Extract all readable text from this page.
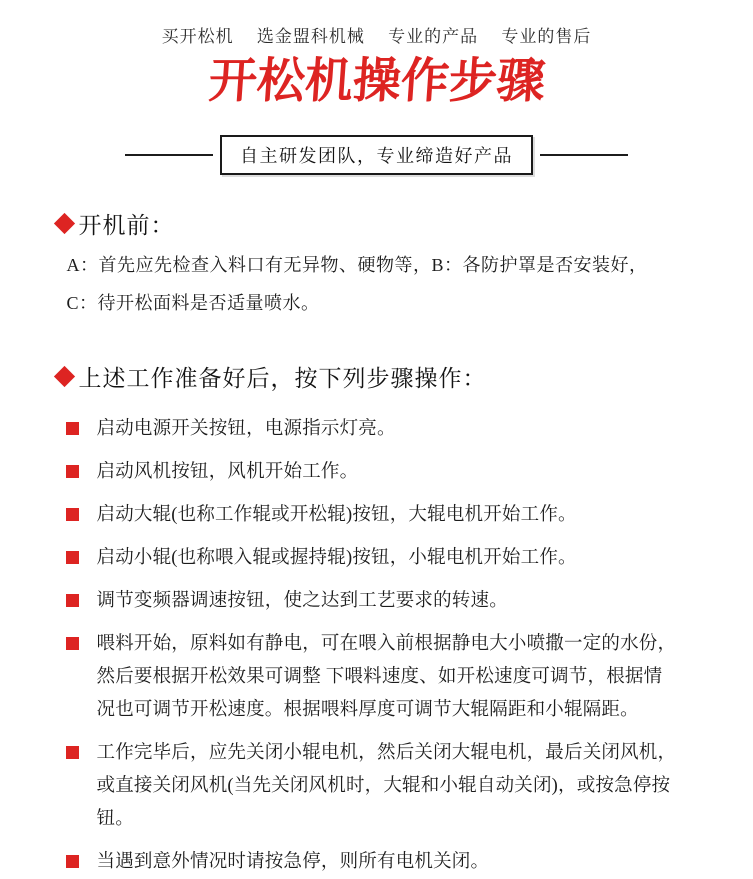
买开松机　 选金盟科机械　 专业的产品　 专业的售后
开松机操作步骤
自主研发团队，专业缔造好产品
开机前：

A：首先应先检查入料口有无异物、硬物等，B：各防护罩是否安装好，

C：待开松面料是否适量喷水。

上述工作准备好后，按下列步骤操作：
启动电源开关按钮，电源指示灯亮。
启动风机按钮，风机开始工作。
启动大辊(也称工作辊或开松辊)按钮，大辊电机开始工作。
启动小辊(也称喂入辊或握持辊)按钮，小辊电机开始工作。
调节变频器调速按钮，使之达到工艺要求的转速。
喂料开始，原料如有静电，可在喂入前根据静电大小喷撒一定的水份，然后要根据开松效果可调整 下喂料速度、如开松速度可调节，根据情况也可调节开松速度。根据喂料厚度可调节大辊隔距和小辊隔距。
工作完毕后，应先关闭小辊电机，然后关闭大辊电机，最后关闭风机，或直接关闭风机(当先关闭风机时，大辊和小辊自动关闭)，或按急停按钮。
当遇到意外情况时请按急停，则所有电机关闭。
